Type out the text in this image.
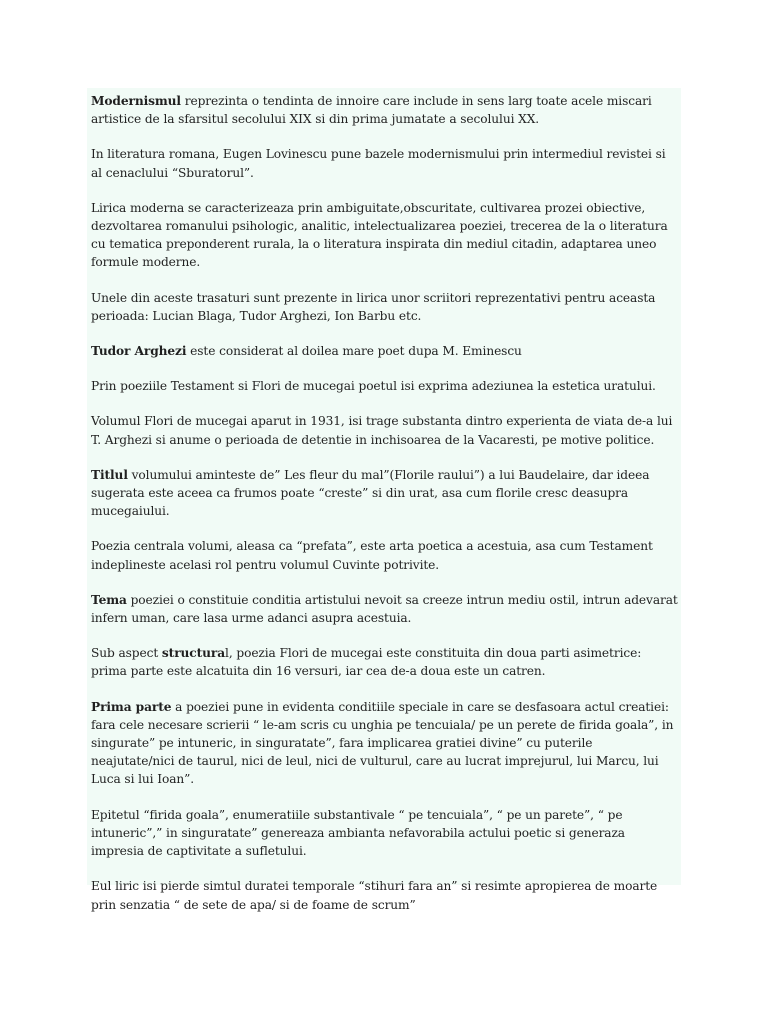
Modernismul reprezinta o tendinta de innoire care include in sens larg toate acele miscari artistice de la sfarsitul secolului XIX si din prima jumatate a secolului XX.

In literatura romana, Eugen Lovinescu pune bazele modernismului prin intermediul revistei si al cenaclului “Sburatorul”.

Lirica moderna se caracterizeaza prin ambiguitate,obscuritate, cultivarea prozei obiective, dezvoltarea romanului psihologic, analitic, intelectualizarea poeziei, trecerea de la o literatura cu tematica preponderent rurala, la o literatura inspirata din mediul citadin, adaptarea uneo formule moderne.

Unele din aceste trasaturi sunt prezente in lirica unor scriitori reprezentativi pentru aceasta perioada: Lucian Blaga, Tudor Arghezi, Ion Barbu etc.

Tudor Arghezi este considerat al doilea mare poet dupa M. Eminescu

Prin poeziile Testament si Flori de mucegai poetul isi exprima adeziunea la estetica uratului.

Volumul Flori de mucegai aparut in 1931, isi trage substanta dintro experienta de viata de-a lui T. Arghezi si anume o perioada de detentie in inchisoarea de la Vacaresti, pe motive politice.

Titlul volumului aminteste de” Les fleur du mal”(Florile raului”) a lui Baudelaire, dar ideea sugerata este aceea ca frumos poate “creste” si din urat, asa cum florile cresc deasupra mucegaiului.

Poezia centrala volumi, aleasa ca “prefata”, este arta poetica a acestuia, asa cum Testament indeplineste acelasi rol pentru volumul Cuvinte potrivite.

Tema poeziei o constituie conditia artistului nevoit sa creeze intrun mediu ostil, intrun adevarat infern uman, care lasa urme adanci asupra acestuia.

Sub aspect structural, poezia Flori de mucegai este constituita din doua parti asimetrice: prima parte este alcatuita din 16 versuri, iar cea de-a doua este un catren.

Prima parte a poeziei pune in evidenta conditiile speciale in care se desfasoara actul creatiei: fara cele necesare scrierii “ le-am scris cu unghia pe tencuiala/ pe un perete de firida goala”, in singurate” pe intuneric, in singuratate”, fara implicarea gratiei divine” cu puterile neajutate/nici de taurul, nici de leul, nici de vulturul, care au lucrat imprejurul, lui Marcu, lui Luca si lui Ioan”.

Epitetul “firida goala”, enumeratiile substantivale “ pe tencuiala”, “ pe un parete”, “ pe intuneric”,” in singuratate” genereaza ambianta nefavorabila actului poetic si generaza impresia de captivitate a sufletului.

Eul liric isi pierde simtul duratei temporale “stihuri fara an” si resimte apropierea de moarte prin senzatia “ de sete de apa/ si de foame de scrum”
